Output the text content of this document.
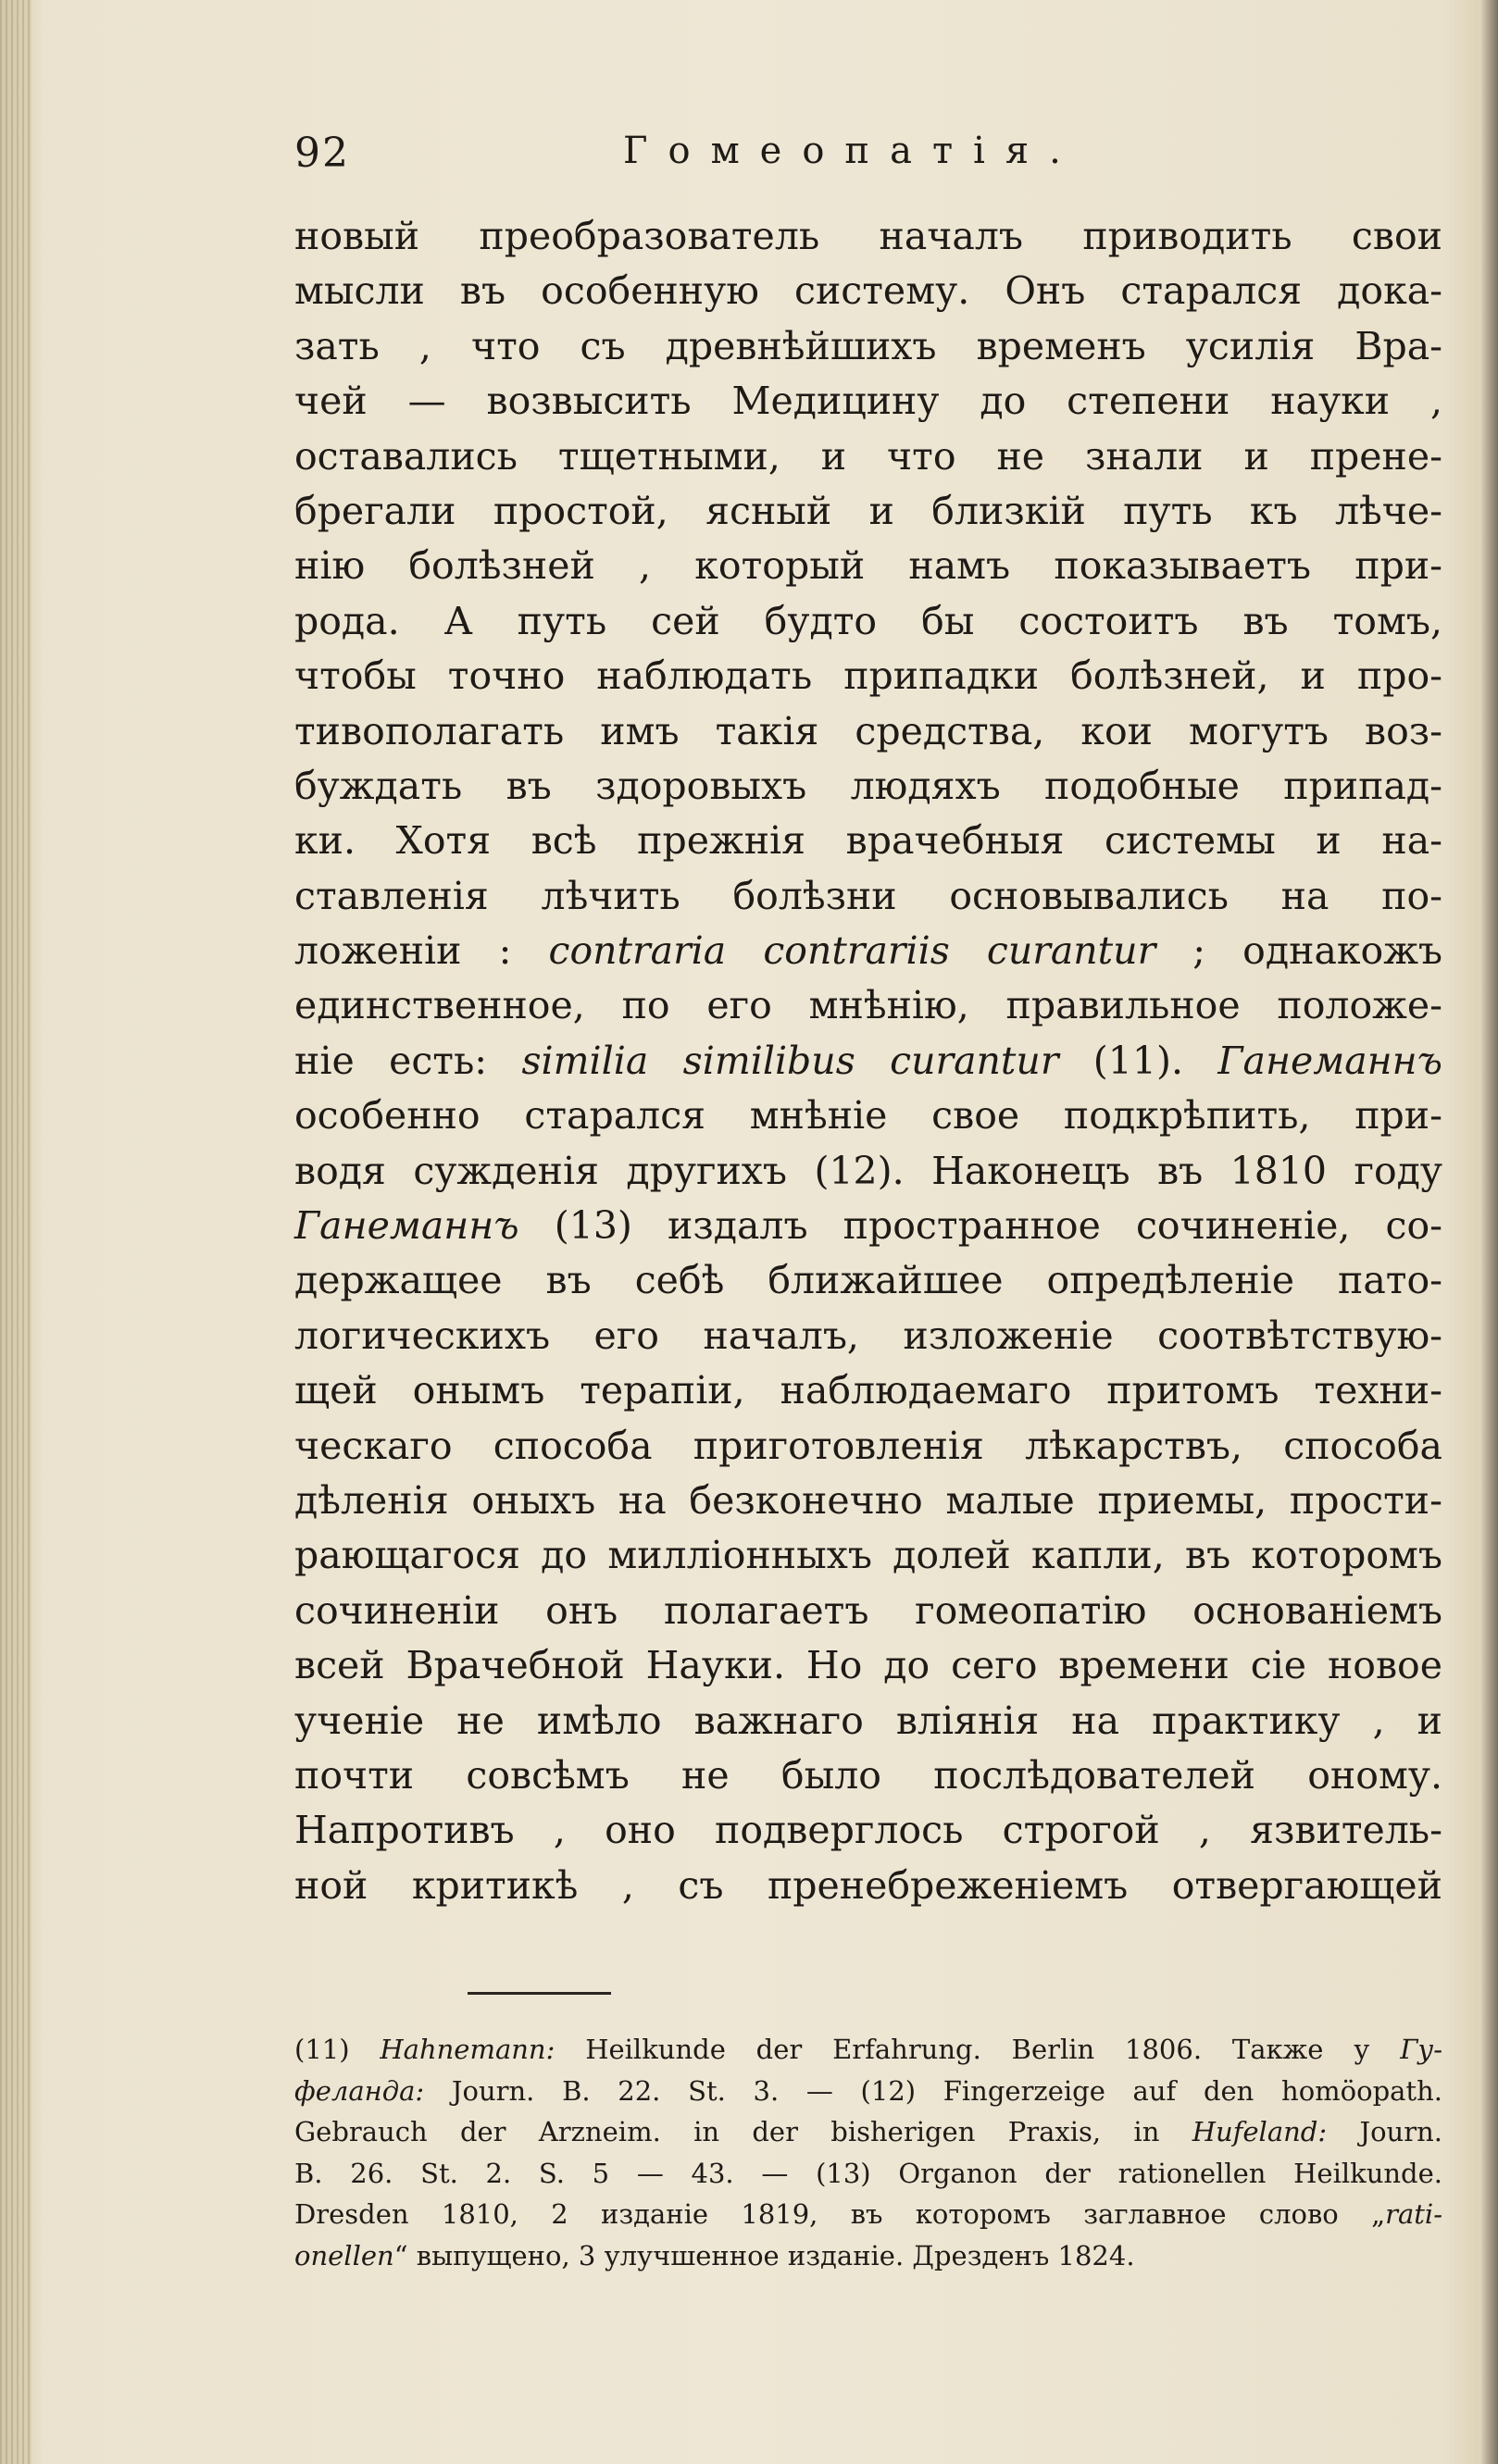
92	Гомеопатія.
новый преобразователь началъ приводить свои
мысли въ особенную систему. Онъ старался дока-
зать , что съ древнѣйшихъ временъ усилія Вра-
чей — возвысить Медицину до степени науки ,
оставались тщетными, и что не знали и прене-
брегали простой, ясный и близкій путь къ лѣче-
нію болѣзней , который намъ показываетъ при-
рода. А путь сей будто бы состоитъ въ томъ,
чтобы точно наблюдать припадки болѣзней, и про-
тивополагать имъ такія средства, кои могутъ воз-
буждать въ здоровыхъ людяхъ подобные припад-
ки. Хотя всѣ прежнія врачебныя системы и на-
ставленія лѣчить болѣзни основывались на по-
ложеніи : contraria contrariis curantur ; однакожъ
единственное, по его мнѣнію, правильное положе-
ніе есть: similia similibus curantur (11). Ганеманнъ
особенно старался мнѣніе свое подкрѣпить, при-
водя сужденія другихъ (12). Наконецъ въ 1810 году
Ганеманнъ (13) издалъ пространное сочиненіе, со-
держащее въ себѣ ближайшее опредѣленіе пато-
логическихъ его началъ, изложеніе соотвѣтствую-
щей онымъ терапіи, наблюдаемаго притомъ техни-
ческаго способа приготовленія лѣкарствъ, способа
дѣленія оныхъ на безконечно малые приемы, прости-
рающагося до милліонныхъ долей капли, въ которомъ
сочиненіи онъ полагаетъ гомеопатію основаніемъ
всей Врачебной Науки. Но до сего времени сіе новое
ученіе не имѣло важнаго вліянія на практику , и
почти совсѣмъ не было послѣдователей оному.
Напротивъ , оно подверглось строгой , язвитель-
ной критикѣ , съ пренебреженіемъ отвергающей
(11) Hahnemann: Heilkunde der Erfahrung. Berlin 1806. Также у Гу-
феланда: Journ. B. 22. St. 3. — (12) Fingerzeige auf den homöopath.
Gebrauch der Arzneim. in der bisherigen Praxis, in Hufeland: Journ.
B. 26. St. 2. S. 5 — 43. — (13) Organon der rationellen Heilkunde.
Dresden 1810, 2 изданіе 1819, въ которомъ заглавное слово „rati-
onellen“ выпущено, 3 улучшенное изданіе. Дрезденъ 1824.
